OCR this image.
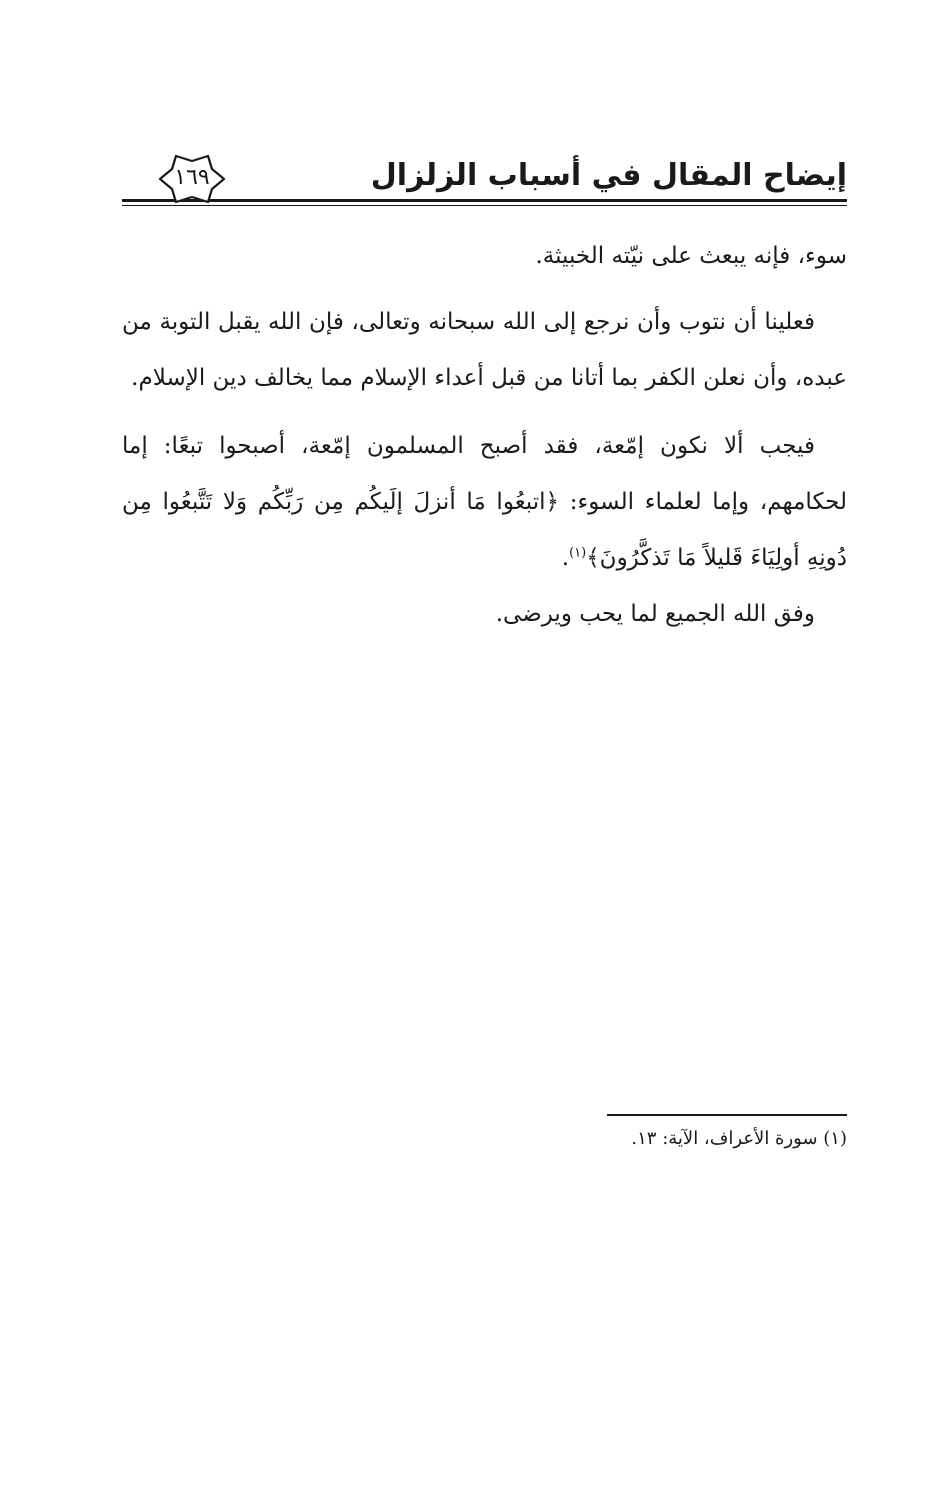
إيضاح المقال في أسباب الزلزال
١٦٩

سوء، فإنه يبعث على نيّته الخبيثة.

فعلينا أن نتوب وأن نرجع إلى الله سبحانه وتعالى، فإن الله يقبل التوبة من عبده، وأن نعلن الكفر بما أتانا من قبل أعداء الإسلام مما يخالف دين الإسلام.

فيجب ألا نكون إمّعة، فقد أصبح المسلمون إمّعة، أصبحوا تبعًا: إما لحكامهم، وإما لعلماء السوء: ﴿اتبعُوا مَا أنزلَ إلَيكُم مِن رَبِّكُم وَلا تَتَّبعُوا مِن دُونِهِ أولِيَاءَ قَليلاً مَا تَذكَّرُونَ﴾$^{(١)}$.

وفق الله الجميع لما يحب ويرضى.

(١) سورة الأعراف، الآية: ١٣.
